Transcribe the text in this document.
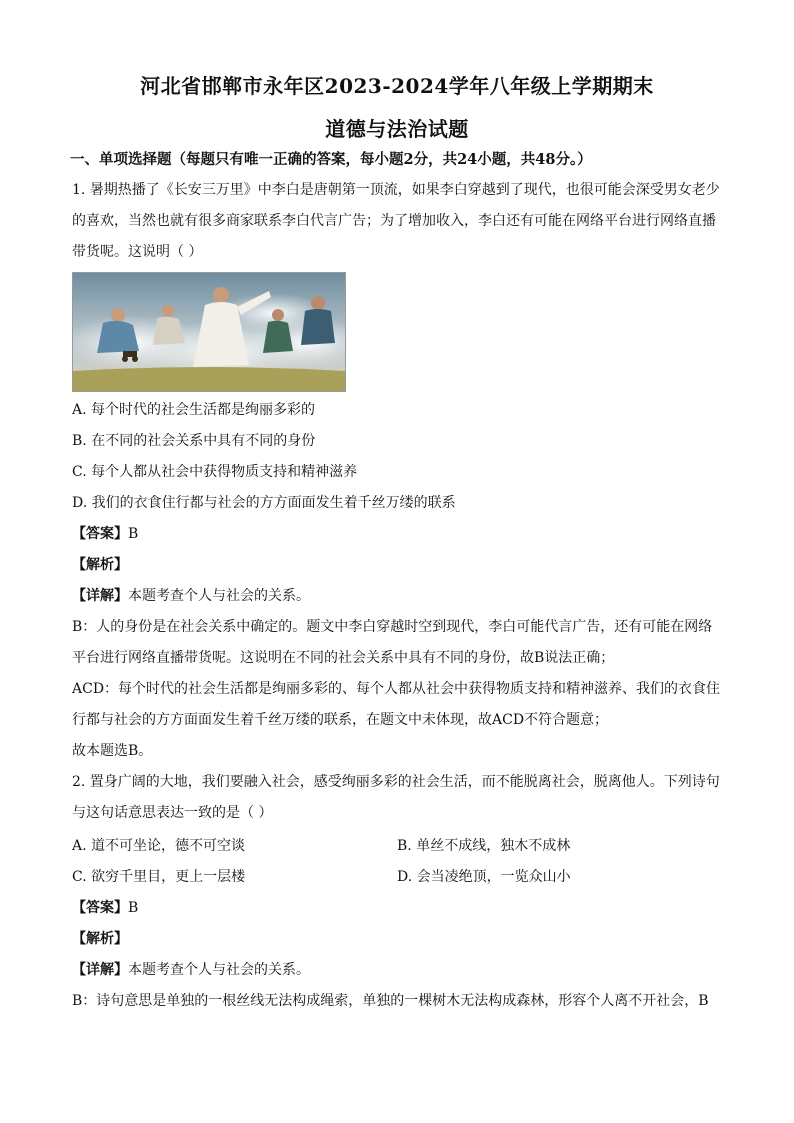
河北省邯郸市永年区2023-2024学年八年级上学期期末
道德与法治试题
一、单项选择题（每题只有唯一正确的答案，每小题2分，共24小题，共48分。）
1. 暑期热播了《长安三万里》中李白是唐朝第一顶流，如果李白穿越到了现代，也很可能会深受男女老少
的喜欢，当然也就有很多商家联系李白代言广告；为了增加收入，李白还有可能在网络平台进行网络直播
带货呢。这说明（ ）
A. 每个时代的社会生活都是绚丽多彩的
B. 在不同的社会关系中具有不同的身份
C. 每个人都从社会中获得物质支持和精神滋养
D. 我们的衣食住行都与社会的方方面面发生着千丝万缕的联系
【答案】B
【解析】
【详解】本题考查个人与社会的关系。
B：人的身份是在社会关系中确定的。题文中李白穿越时空到现代，李白可能代言广告，还有可能在网络
平台进行网络直播带货呢。这说明在不同的社会关系中具有不同的身份，故B说法正确；
ACD：每个时代的社会生活都是绚丽多彩的、每个人都从社会中获得物质支持和精神滋养、我们的衣食住
行都与社会的方方面面发生着千丝万缕的联系，在题文中未体现，故ACD不符合题意；
故本题选B。
2. 置身广阔的大地，我们要融入社会，感受绚丽多彩的社会生活，而不能脱离社会，脱离他人。下列诗句
与这句话意思表达一致的是（ ）
A. 道不可坐论，德不可空谈	B. 单丝不成线，独木不成林
C. 欲穷千里目，更上一层楼	D. 会当凌绝顶，一览众山小
【答案】B
【解析】
【详解】本题考查个人与社会的关系。
B：诗句意思是单独的一根丝线无法构成绳索，单独的一棵树木无法构成森林，形容个人离不开社会，B
